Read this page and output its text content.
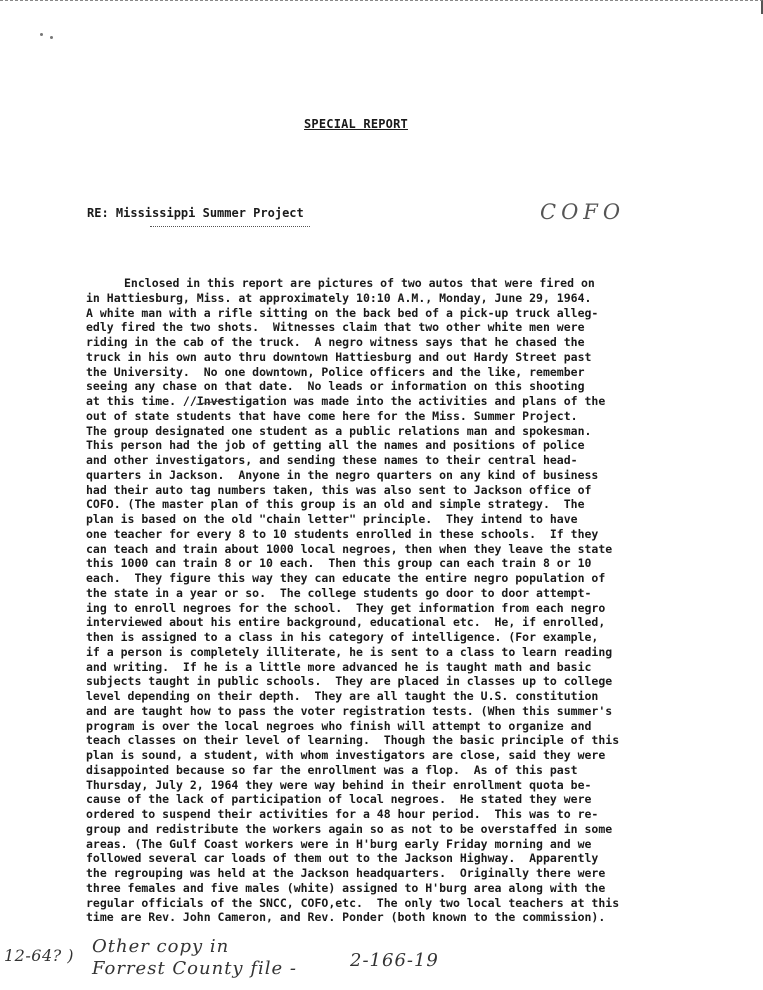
SPECIAL REPORT
RE: Mississippi Summer Project	COFO
Enclosed in this report are pictures of two autos that were fired on
in Hattiesburg, Miss. at approximately 10:10 A.M., Monday, June 29, 1964.
A white man with a rifle sitting on the back bed of a pick-up truck alleg-
edly fired the two shots.  Witnesses claim that two other white men were
riding in the cab of the truck.  A negro witness says that he chased the
truck in his own auto thru downtown Hattiesburg and out Hardy Street past
the University.  No one downtown, Police officers and the like, remember
seeing any chase on that date.  No leads or information on this shooting
at this time. //Investigation was made into the activities and plans of the
out of state students that have come here for the Miss. Summer Project.
The group designated one student as a public relations man and spokesman.
This person had the job of getting all the names and positions of police
and other investigators, and sending these names to their central head-
quarters in Jackson.  Anyone in the negro quarters on any kind of business
had their auto tag numbers taken, this was also sent to Jackson office of
COFO. (The master plan of this group is an old and simple strategy.  The
plan is based on the old "chain letter" principle.  They intend to have
one teacher for every 8 to 10 students enrolled in these schools.  If they
can teach and train about 1000 local negroes, then when they leave the state
this 1000 can train 8 or 10 each.  Then this group can each train 8 or 10
each.  They figure this way they can educate the entire negro population of
the state in a year or so.  The college students go door to door attempt-
ing to enroll negroes for the school.  They get information from each negro
interviewed about his entire background, educational etc.  He, if enrolled,
then is assigned to a class in his category of intelligence. (For example,
if a person is completely illiterate, he is sent to a class to learn reading
and writing.  If he is a little more advanced he is taught math and basic
subjects taught in public schools.  They are placed in classes up to college
level depending on their depth.  They are all taught the U.S. constitution
and are taught how to pass the voter registration tests. (When this summer's
program is over the local negroes who finish will attempt to organize and
teach classes on their level of learning.  Though the basic principle of this
plan is sound, a student, with whom investigators are close, said they were
disappointed because so far the enrollment was a flop.  As of this past
Thursday, July 2, 1964 they were way behind in their enrollment quota be-
cause of the lack of participation of local negroes.  He stated they were
ordered to suspend their activities for a 48 hour period.  This was to re-
group and redistribute the workers again so as not to be overstaffed in some
areas. (The Gulf Coast workers were in H'burg early Friday morning and we
followed several car loads of them out to the Jackson Highway.  Apparently
the regrouping was held at the Jackson headquarters.  Originally there were
three females and five males (white) assigned to H'burg area along with the
regular officials of the SNCC, COFO,etc.  The only two local teachers at this
time are Rev. John Cameron, and Rev. Ponder (both known to the commission).
12-64? ) Other copy in
Forrest County file -	2-166-19
